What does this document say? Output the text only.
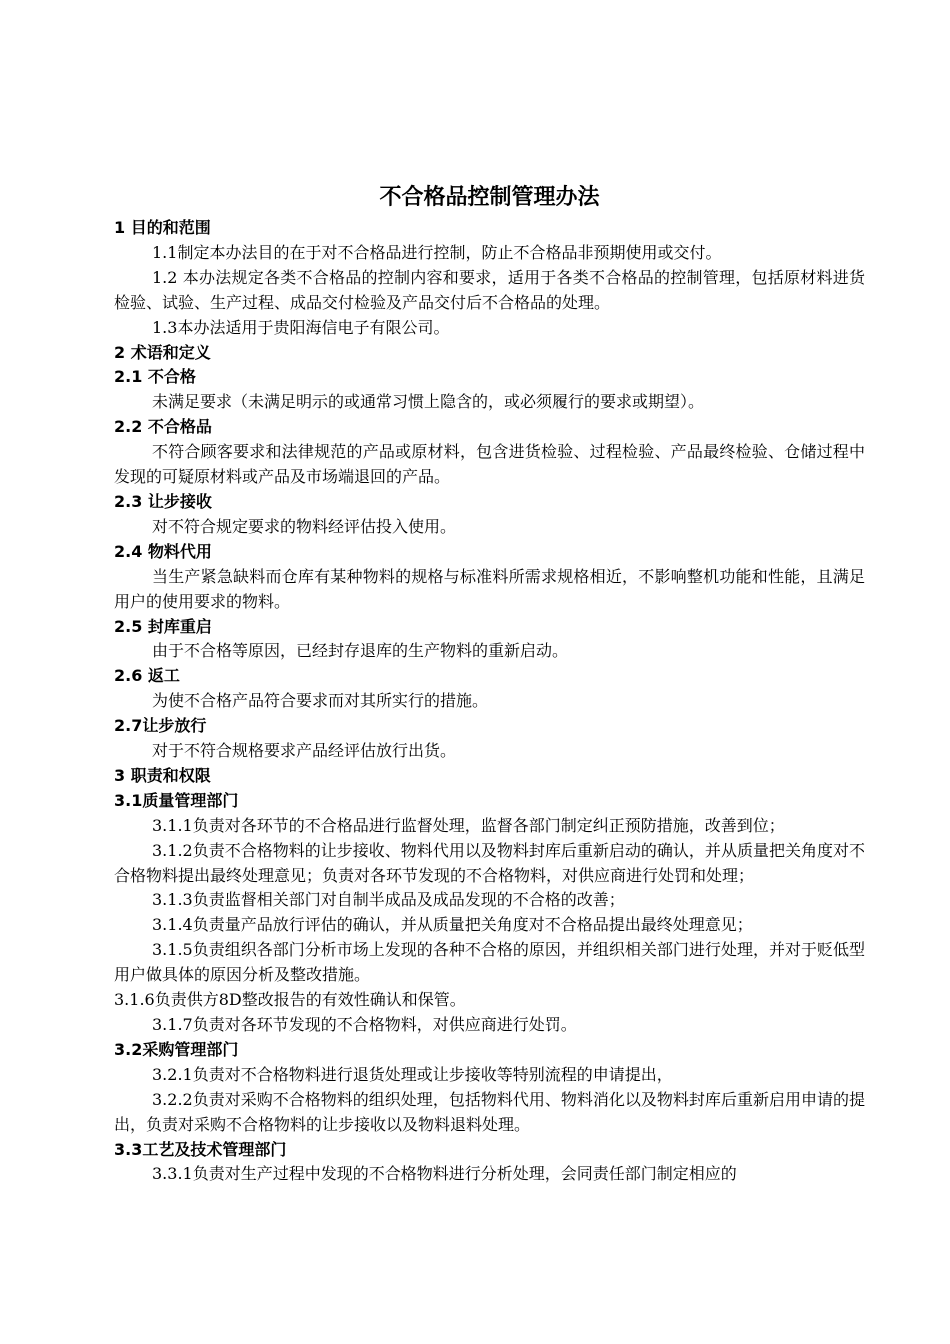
不合格品控制管理办法
1 目的和范围
1.1制定本办法目的在于对不合格品进行控制，防止不合格品非预期使用或交付。
1.2 本办法规定各类不合格品的控制内容和要求，适用于各类不合格品的控制管理，包括原材料进货检验、试验、生产过程、成品交付检验及产品交付后不合格品的处理。
1.3本办法适用于贵阳海信电子有限公司。
2 术语和定义
2.1 不合格
未满足要求（未满足明示的或通常习惯上隐含的，或必须履行的要求或期望）。
2.2 不合格品
不符合顾客要求和法律规范的产品或原材料，包含进货检验、过程检验、产品最终检验、仓储过程中发现的可疑原材料或产品及市场端退回的产品。
2.3 让步接收
对不符合规定要求的物料经评估投入使用。
2.4 物料代用
当生产紧急缺料而仓库有某种物料的规格与标准料所需求规格相近，不影响整机功能和性能，且满足用户的使用要求的物料。
2.5 封库重启
由于不合格等原因，已经封存退库的生产物料的重新启动。
2.6 返工
为使不合格产品符合要求而对其所实行的措施。
2.7让步放行
对于不符合规格要求产品经评估放行出货。
3 职责和权限
3.1质量管理部门
3.1.1负责对各环节的不合格品进行监督处理，监督各部门制定纠正预防措施，改善到位；
3.1.2负责不合格物料的让步接收、物料代用以及物料封库后重新启动的确认，并从质量把关角度对不合格物料提出最终处理意见；负责对各环节发现的不合格物料，对供应商进行处罚和处理；
3.1.3负责监督相关部门对自制半成品及成品发现的不合格的改善；
3.1.4负责量产品放行评估的确认，并从质量把关角度对不合格品提出最终处理意见；
3.1.5负责组织各部门分析市场上发现的各种不合格的原因，并组织相关部门进行处理，并对于贬低型用户做具体的原因分析及整改措施。
3.1.6负责供方8D整改报告的有效性确认和保管。
3.1.7负责对各环节发现的不合格物料，对供应商进行处罚。
3.2采购管理部门
3.2.1负责对不合格物料进行退货处理或让步接收等特别流程的申请提出，
3.2.2负责对采购不合格物料的组织处理，包括物料代用、物料消化以及物料封库后重新启用申请的提出，负责对采购不合格物料的让步接收以及物料退料处理。
3.3工艺及技术管理部门
3.3.1负责对生产过程中发现的不合格物料进行分析处理，会同责任部门制定相应的
